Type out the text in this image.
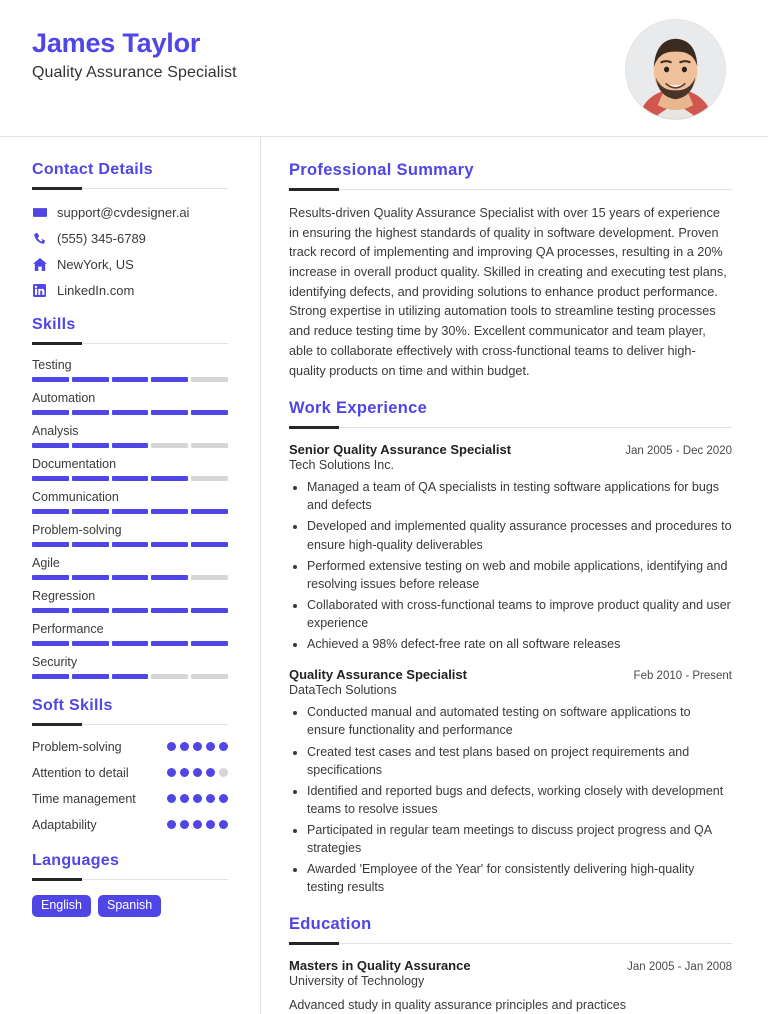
James Taylor
Quality Assurance Specialist
Contact Details
support@cvdesigner.ai
(555) 345-6789
NewYork, US
LinkedIn.com
Skills
Testing
Automation
Analysis
Documentation
Communication
Problem-solving
Agile
Regression
Performance
Security
Soft Skills
Problem-solving
Attention to detail
Time management
Adaptability
Languages
English	Spanish
Professional Summary
Results-driven Quality Assurance Specialist with over 15 years of experience in ensuring the highest standards of quality in software development. Proven track record of implementing and improving QA processes, resulting in a 20% increase in overall product quality. Skilled in creating and executing test plans, identifying defects, and providing solutions to enhance product performance. Strong expertise in utilizing automation tools to streamline testing processes and reduce testing time by 30%. Excellent communicator and team player, able to collaborate effectively with cross-functional teams to deliver high-quality products on time and within budget.
Work Experience
Senior Quality Assurance Specialist	Jan 2005 - Dec 2020
Tech Solutions Inc.
• Managed a team of QA specialists in testing software applications for bugs and defects
• Developed and implemented quality assurance processes and procedures to ensure high-quality deliverables
• Performed extensive testing on web and mobile applications, identifying and resolving issues before release
• Collaborated with cross-functional teams to improve product quality and user experience
• Achieved a 98% defect-free rate on all software releases
Quality Assurance Specialist	Feb 2010 - Present
DataTech Solutions
• Conducted manual and automated testing on software applications to ensure functionality and performance
• Created test cases and test plans based on project requirements and specifications
• Identified and reported bugs and defects, working closely with development teams to resolve issues
• Participated in regular team meetings to discuss project progress and QA strategies
• Awarded 'Employee of the Year' for consistently delivering high-quality testing results
Education
Masters in Quality Assurance	Jan 2005 - Jan 2008
University of Technology
Advanced study in quality assurance principles and practices
